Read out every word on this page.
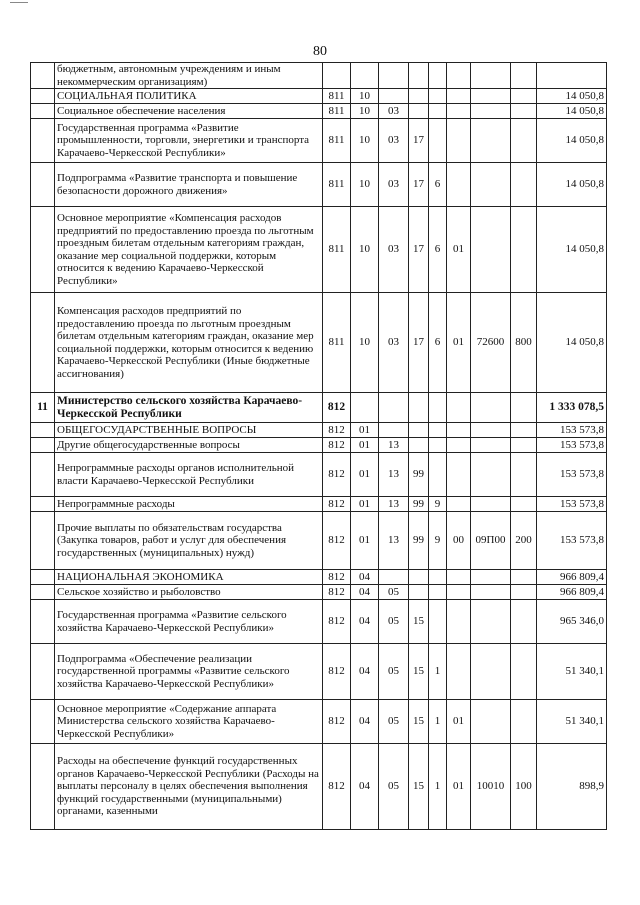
80
	бюджетным, автономным учреждениям и иным некоммерческим организациям)									
	СОЦИАЛЬНАЯ ПОЛИТИКА	811	10							14 050,8
	Социальное обеспечение населения	811	10	03						14 050,8
	Государственная программа «Развитие промышленности, торговли, энергетики и транспорта Карачаево-Черкесской Республики»	811	10	03	17					14 050,8
	Подпрограмма «Развитие транспорта и повышение безопасности дорожного движения»	811	10	03	17	6				14 050,8
	Основное мероприятие «Компенсация расходов предприятий по предоставлению проезда по льготным проездным билетам отдельным категориям граждан, оказание мер социальной поддержки, которым относится к ведению Карачаево-Черкесской Республики»	811	10	03	17	6	01			14 050,8
	Компенсация расходов предприятий по предоставлению проезда по льготным проездным билетам отдельным категориям граждан, оказание мер социальной поддержки, которым относится к ведению Карачаево-Черкесской Республики (Иные бюджетные ассигнования)	811	10	03	17	6	01	72600	800	14 050,8
11	Министерство сельского хозяйства Карачаево-Черкесской Республики	812								1 333 078,5
	ОБЩЕГОСУДАРСТВЕННЫЕ ВОПРОСЫ	812	01							153 573,8
	Другие общегосударственные вопросы	812	01	13						153 573,8
	Непрограммные расходы органов исполнительной власти Карачаево-Черкесской Республики	812	01	13	99					153 573,8
	Непрограммные расходы	812	01	13	99	9				153 573,8
	Прочие выплаты по обязательствам государства (Закупка товаров, работ и услуг для обеспечения государственных (муниципальных) нужд)	812	01	13	99	9	00	09П00	200	153 573,8
	НАЦИОНАЛЬНАЯ ЭКОНОМИКА	812	04							966 809,4
	Сельское хозяйство и рыболовство	812	04	05						966 809,4
	Государственная программа «Развитие сельского хозяйства Карачаево-Черкесской Республики»	812	04	05	15					965 346,0
	Подпрограмма «Обеспечение реализации государственной программы «Развитие сельского хозяйства Карачаево-Черкесской Республики»	812	04	05	15	1				51 340,1
	Основное мероприятие «Содержание аппарата Министерства сельского хозяйства Карачаево-Черкесской Республики»	812	04	05	15	1	01			51 340,1
	Расходы на обеспечение функций государственных органов Карачаево-Черкесской Республики (Расходы на выплаты персоналу в целях обеспечения выполнения функций государственными (муниципальными) органами, казенными	812	04	05	15	1	01	10010	100	898,9
